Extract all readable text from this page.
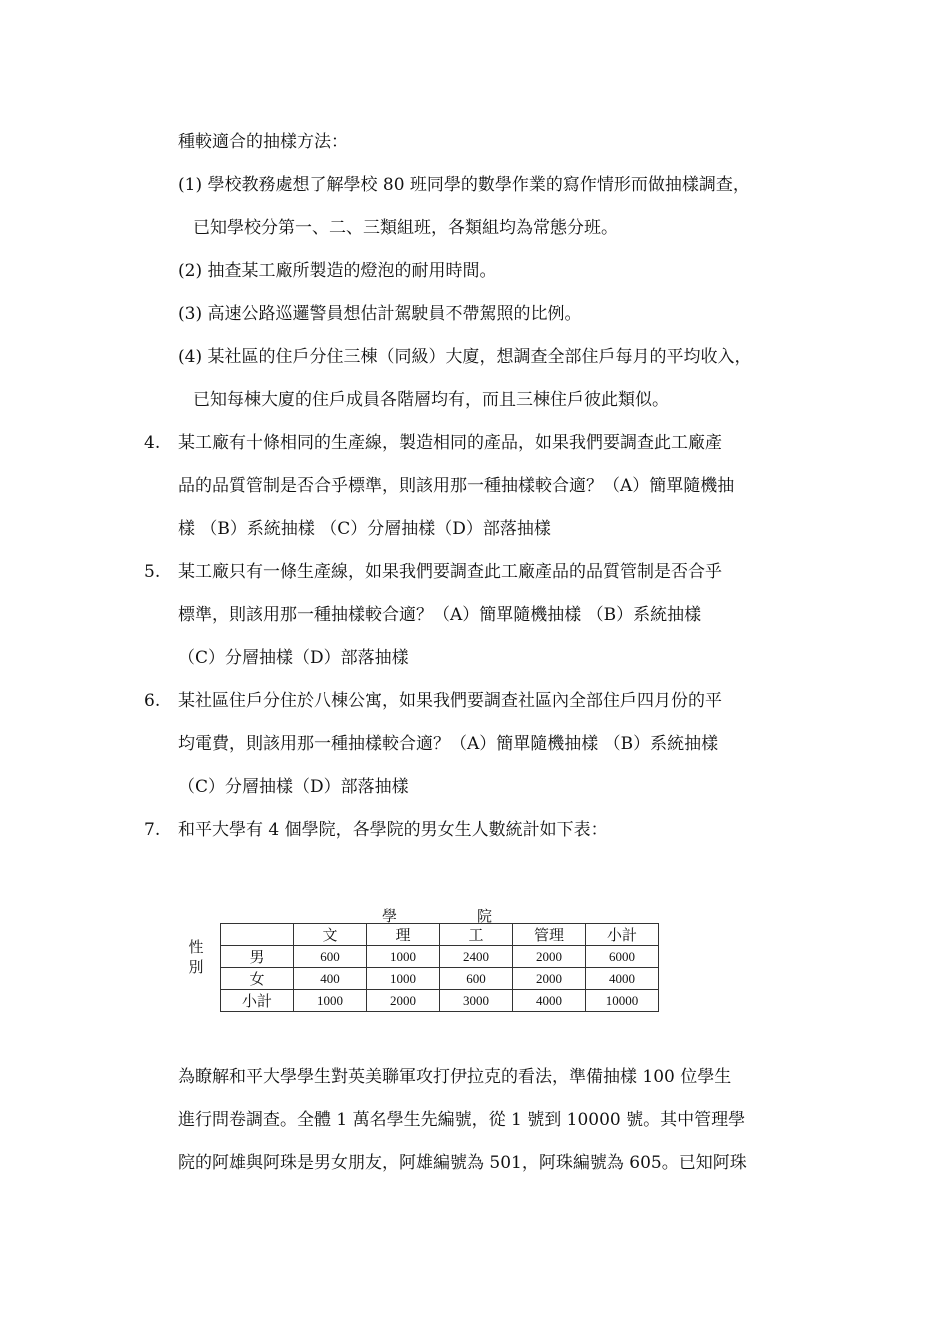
種較適合的抽樣方法：
(1) 學校教務處想了解學校 80 班同學的數學作業的寫作情形而做抽樣調查，
已知學校分第一、二、三類組班，各類組均為常態分班。
(2) 抽查某工廠所製造的燈泡的耐用時間。
(3) 高速公路巡邏警員想估計駕駛員不帶駕照的比例。
(4) 某社區的住戶分住三棟（同級）大廈，想調查全部住戶每月的平均收入，
已知每棟大廈的住戶成員各階層均有，而且三棟住戶彼此類似。
4. 某工廠有十條相同的生產線，製造相同的產品，如果我們要調查此工廠產
品的品質管制是否合乎標準，則該用那一種抽樣較合適？（A）簡單隨機抽
樣 （B）系統抽樣 （C）分層抽樣（D）部落抽樣
5. 某工廠只有一條生產線，如果我們要調查此工廠產品的品質管制是否合乎
標準，則該用那一種抽樣較合適？（A）簡單隨機抽樣 （B）系統抽樣
（C）分層抽樣（D）部落抽樣
6. 某社區住戶分住於八棟公寓，如果我們要調查社區內全部住戶四月份的平
均電費，則該用那一種抽樣較合適？（A）簡單隨機抽樣 （B）系統抽樣
（C）分層抽樣（D）部落抽樣
7. 和平大學有 4 個學院，各學院的男女生人數統計如下表：
學	院
性
別
	文	理	工	管理	小計
男	600	1000	2400	2000	6000
女	400	1000	600	2000	4000
小計	1000	2000	3000	4000	10000
為瞭解和平大學學生對英美聯軍攻打伊拉克的看法，準備抽樣 100 位學生
進行問卷調查。全體 1 萬名學生先編號，從 1 號到 10000 號。其中管理學
院的阿雄與阿珠是男女朋友，阿雄編號為 501，阿珠編號為 605。已知阿珠
